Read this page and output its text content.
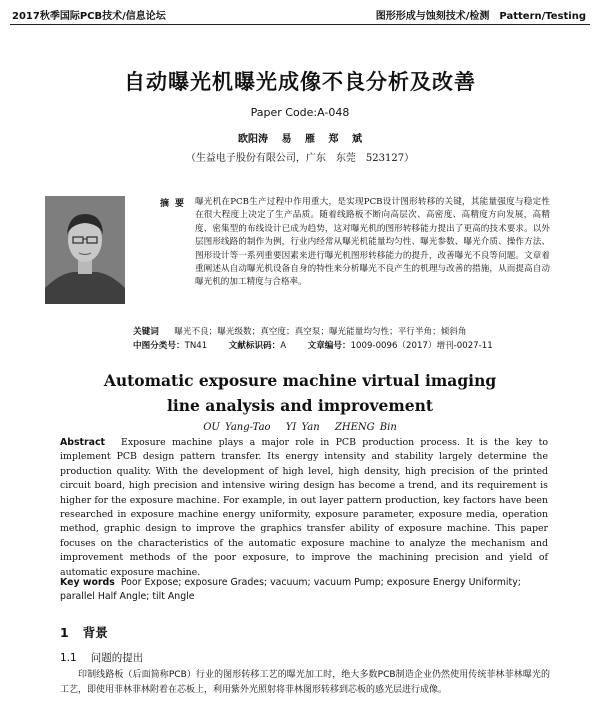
2017秋季国际PCB技术/信息论坛	图形形成与蚀刻技术/检测　Pattern/Testing
自动曝光机曝光成像不良分析及改善
Paper Code:A-048
欧阳涛 易 雁 郑 斌
（生益电子股份有限公司，广东　东莞　523127）
摘要 曝光机在PCB生产过程中作用重大，是实现PCB设计图形转移的关键，其能量强度与稳定性在很大程度上决定了生产品质。随着线路板不断向高层次、高密度、高精度方向发展，高精度、密集型的布线设计已成为趋势，这对曝光机的图形转移能力提出了更高的技术要求。以外层图形线路的制作为例，行业内经常从曝光机能量均匀性、曝光参数、曝光介质、操作方法、图形设计等一系列重要因素来进行曝光机图形转移能力的提升，改善曝光不良等问题。文章着重阐述从自动曝光机设备自身的特性来分析曝光不良产生的机理与改善的措施，从而提高自动曝光机的加工精度与合格率。
关键词 曝光不良；曝光级数；真空度；真空泵；曝光能量均匀性；平行半角；倾斜角
中图分类号：TN41 文献标识码：A 文章编号：1009-0096（2017）增刊-0027-11
Automatic exposure machine virtual imaging
line analysis and improvement
OU Yang-Tao YI Yan ZHENG Bin
Abstract Exposure machine plays a major role in PCB production process. It is the key to implement PCB design pattern transfer. Its energy intensity and stability largely determine the production quality. With the development of high level, high density, high precision of the printed circuit board, high precision and intensive wiring design has become a trend, and its requirement is higher for the exposure machine. For example, in out layer pattern production, key factors have been researched in exposure machine energy uniformity, exposure parameter, exposure media, operation method, graphic design to improve the graphics transfer ability of exposure machine. This paper focuses on the characteristics of the automatic exposure machine to analyze the mechanism and improvement methods of the poor exposure, to improve the machining precision and yield of automatic exposure machine.
Key words Poor Expose; exposure Grades; vacuum; vacuum Pump; exposure Energy Uniformity; parallel Half Angle; tilt Angle
1 背景
1.1 问题的提出
印制线路板（后面简称PCB）行业的图形转移工艺的曝光加工时，绝大多数PCB制造企业仍然使用传统菲林菲林曝光的工艺，即使用菲林菲林附着在芯板上，利用紫外光照射将菲林图形转移到芯板的感光层进行成像。
